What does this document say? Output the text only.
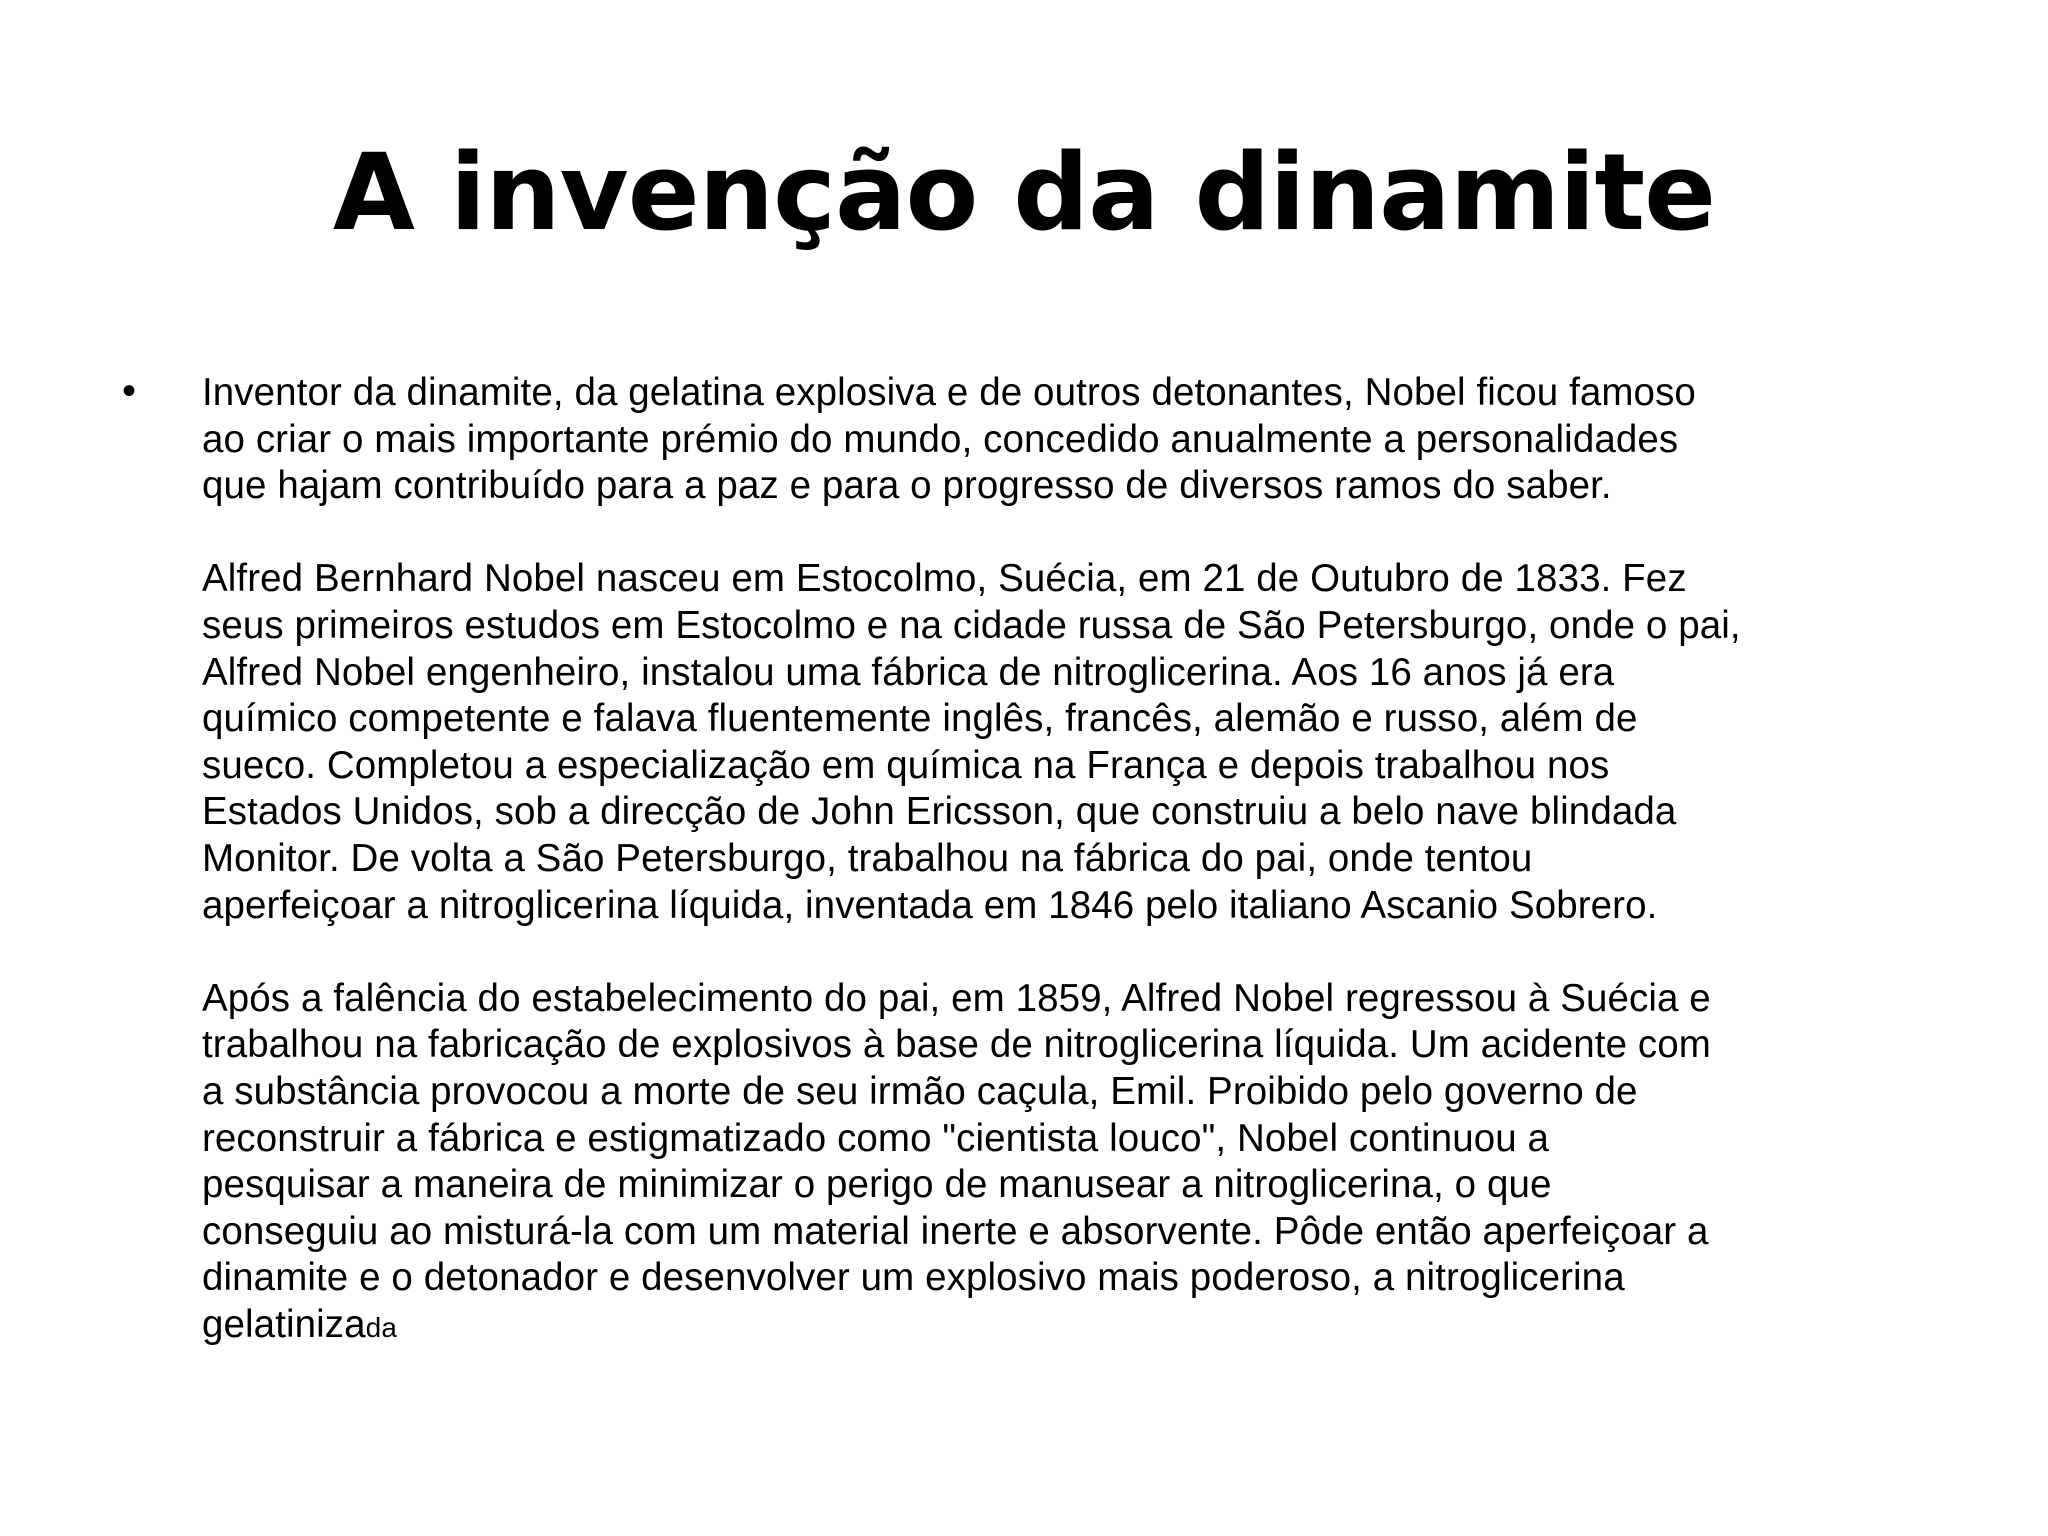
A invenção da dinamite
• Inventor da dinamite, da gelatina explosiva e de outros detonantes, Nobel ficou famoso
ao criar o mais importante prémio do mundo, concedido anualmente a personalidades
que hajam contribuído para a paz e para o progresso de diversos ramos do saber.
Alfred Bernhard Nobel nasceu em Estocolmo, Suécia, em 21 de Outubro de 1833. Fez
seus primeiros estudos em Estocolmo e na cidade russa de São Petersburgo, onde o pai,
Alfred Nobel engenheiro, instalou uma fábrica de nitroglicerina. Aos 16 anos já era
químico competente e falava fluentemente inglês, francês, alemão e russo, além de
sueco. Completou a especialização em química na França e depois trabalhou nos
Estados Unidos, sob a direcção de John Ericsson, que construiu a belo nave blindada
Monitor. De volta a São Petersburgo, trabalhou na fábrica do pai, onde tentou
aperfeiçoar a nitroglicerina líquida, inventada em 1846 pelo italiano Ascanio Sobrero.
Após a falência do estabelecimento do pai, em 1859, Alfred Nobel regressou à Suécia e
trabalhou na fabricação de explosivos à base de nitroglicerina líquida. Um acidente com
a substância provocou a morte de seu irmão caçula, Emil. Proibido pelo governo de
reconstruir a fábrica e estigmatizado como "cientista louco", Nobel continuou a
pesquisar a maneira de minimizar o perigo de manusear a nitroglicerina, o que
conseguiu ao misturá-la com um material inerte e absorvente. Pôde então aperfeiçoar a
dinamite e o detonador e desenvolver um explosivo mais poderoso, a nitroglicerina
gelatinizada
